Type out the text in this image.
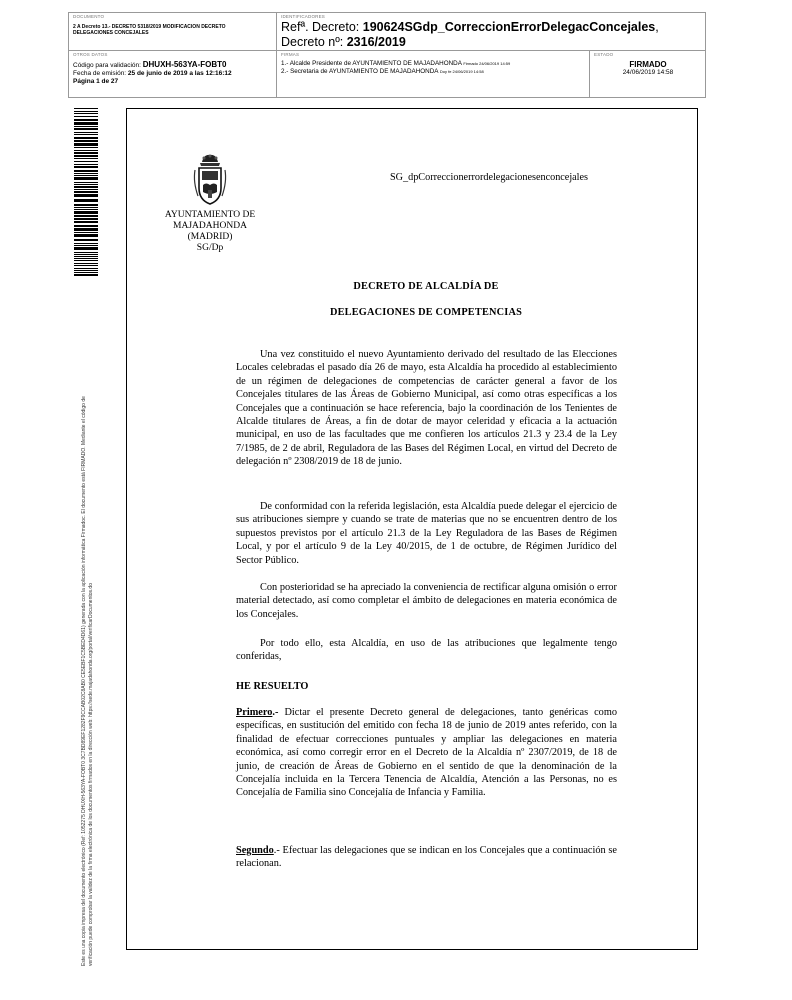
DOCUMENTO
2 A Decreto 13.- DECRETO 5318/2019 MODIFICACION DECRETO DELEGACIONES CONCEJALES
IDENTIFICADORES
Refª. Decreto: 190624SGdp_CorreccionErrorDelegacConcejales,
Decreto nº: 2316/2019
OTROS DATOS
Código para validación: DHUXH-563YA-FOBT0
Fecha de emisión: 25 de junio de 2019 a las 12:16:12
Página 1 de 27
FIRMAS
1.- Alcalde Presidente de AYUNTAMIENTO DE MAJADAHONDA Firmado 24/06/2019 14:59
2.- Secretaria de AYUNTAMIENTO DE MAJADAHONDA Doy fe 24/06/2019 14:58
ESTADO
FIRMADO
24/06/2019 14:58
Este es una copia impresa del documento electrónico (Ref: 1052275 DHUXH-563YA-FOBT0 3C7BD89EF1282F9CCAB02C8AB0 CE5EBF1C5BED4D61) generada con la aplicación informática Firmadoc. El documento está FIRMADO. Mediante el código de verificación puede comprobar la validez de la firma electrónica de los documentos firmados en la dirección web: https://sede.majadahonda.org/portal/verificarDocumentos.do
AYUNTAMIENTO DE
MAJADAHONDA
(MADRID)
SG/Dp
SG_dpCorreccionerrordelegacionesenconcejales
DECRETO DE ALCALDÍA DE
DELEGACIONES DE COMPETENCIAS
Una vez constituido el nuevo Ayuntamiento derivado del resultado de las Elecciones Locales celebradas el pasado día 26 de mayo, esta Alcaldía ha procedido al establecimiento de un régimen de delegaciones de competencias de carácter general a favor de los Concejales titulares de las Áreas de Gobierno Municipal, así como otras específicas a los Concejales que a continuación se hace referencia, bajo la coordinación de los Tenientes de Alcalde titulares de Áreas, a fin de dotar de mayor celeridad y eficacia a la actuación municipal, en uso de las facultades que me confieren los artículos 21.3 y 23.4 de la Ley 7/1985, de 2 de abril, Reguladora de las Bases del Régimen Local, en virtud del Decreto de delegación nº 2308/2019 de 18 de junio.
De conformidad con la referida legislación, esta Alcaldía puede delegar el ejercicio de sus atribuciones siempre y cuando se trate de materias que no se encuentren dentro de los supuestos previstos por el artículo 21.3 de la Ley Reguladora de las Bases de Régimen Local, y por el artículo 9 de la Ley 40/2015, de 1 de octubre, de Régimen Jurídico del Sector Público.
Con posterioridad se ha apreciado la conveniencia de rectificar alguna omisión o error material detectado, así como completar el ámbito de delegaciones en materia económica de los Concejales.
Por todo ello, esta Alcaldía, en uso de las atribuciones que legalmente tengo conferidas,
HE RESUELTO
Primero.- Dictar el presente Decreto general de delegaciones, tanto genéricas como específicas, en sustitución del emitido con fecha 18 de junio de 2019 antes referido, con la finalidad de efectuar correcciones puntuales y ampliar las delegaciones en materia económica, así como corregir error en el Decreto de la Alcaldía nº 2307/2019, de 18 de junio, de creación de Áreas de Gobierno en el sentido de que la denominación de la Concejalía incluida en la Tercera Tenencia de Alcaldía, Atención a las Personas, no es Concejalía de Familia sino Concejalía de Infancia y Familia.
Segundo.- Efectuar las delegaciones que se indican en los Concejales que a continuación se relacionan.
